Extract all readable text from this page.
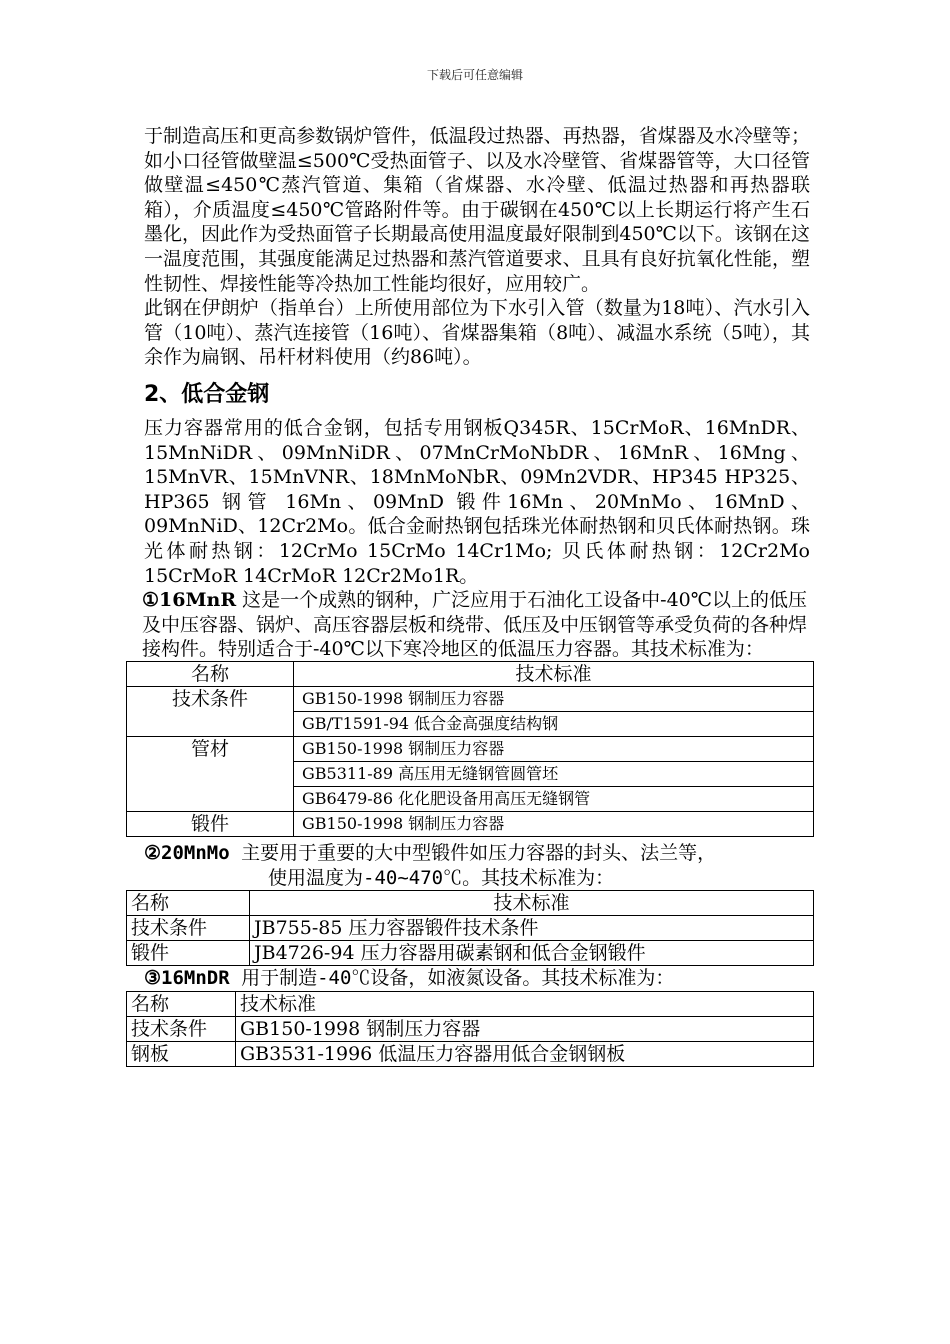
下载后可任意编辑

于制造高压和更高参数锅炉管件，低温段过热器、再热器，省煤器及水冷壁等；如小口径管做壁温≤500℃受热面管子、以及水冷壁管、省煤器管等，大口径管做壁温≤450℃蒸汽管道、集箱（省煤器、水冷壁、低温过热器和再热器联箱），介质温度≤450℃管路附件等。由于碳钢在450℃以上长期运行将产生石墨化，因此作为受热面管子长期最高使用温度最好限制到450℃以下。该钢在这一温度范围，其强度能满足过热器和蒸汽管道要求、且具有良好抗氧化性能，塑性韧性、焊接性能等冷热加工性能均很好，应用较广。

此钢在伊朗炉（指单台）上所使用部位为下水引入管（数量为18吨）、汽水引入管（10吨）、蒸汽连接管（16吨）、省煤器集箱（8吨）、减温水系统（5吨），其余作为扁钢、吊杆材料使用（约86吨）。

2、低合金钢

压力容器常用的低合金钢，包括专用钢板Q345R、15CrMoR、16MnDR、15MnNiDR、09MnNiDR、07MnCrMoNbDR、16MnR、16Mng、15MnVR、15MnVNR、18MnMoNbR、09Mn2VDR、HP345 HP325、HP365 钢管 16Mn、09MnD 锻件16Mn、20MnMo、16MnD、09MnNiD、12Cr2Mo。低合金耐热钢包括珠光体耐热钢和贝氏体耐热钢。珠光体耐热钢：12CrMo 15CrMo 14Cr1Mo; 贝氏体耐热钢：12Cr2Mo 15CrMoR 14CrMoR 12Cr2Mo1R。

①16MnR 这是一个成熟的钢种，广泛应用于石油化工设备中-40℃以上的低压及中压容器、锅炉、高压容器层板和绕带、低压及中压钢管等承受负荷的各种焊接构件。特别适合于-40℃以下寒冷地区的低温压力容器。其技术标准为：

名称	技术标准
技术条件	GB150-1998 钢制压力容器
	GB/T1591-94 低合金高强度结构钢
管材	GB150-1998 钢制压力容器
	GB5311-89 高压用无缝钢管圆管坯
	GB6479-86 化化肥设备用高压无缝钢管
锻件	GB150-1998 钢制压力容器

②20MnMo 主要用于重要的大中型锻件如压力容器的封头、法兰等，
使用温度为-40~470℃。其技术标准为：

名称	技术标准
技术条件	JB755-85 压力容器锻件技术条件
锻件	JB4726-94 压力容器用碳素钢和低合金钢锻件

③16MnDR 用于制造-40℃设备，如液氮设备。其技术标准为：

名称	技术标准
技术条件	GB150-1998 钢制压力容器
钢板	GB3531-1996 低温压力容器用低合金钢钢板
